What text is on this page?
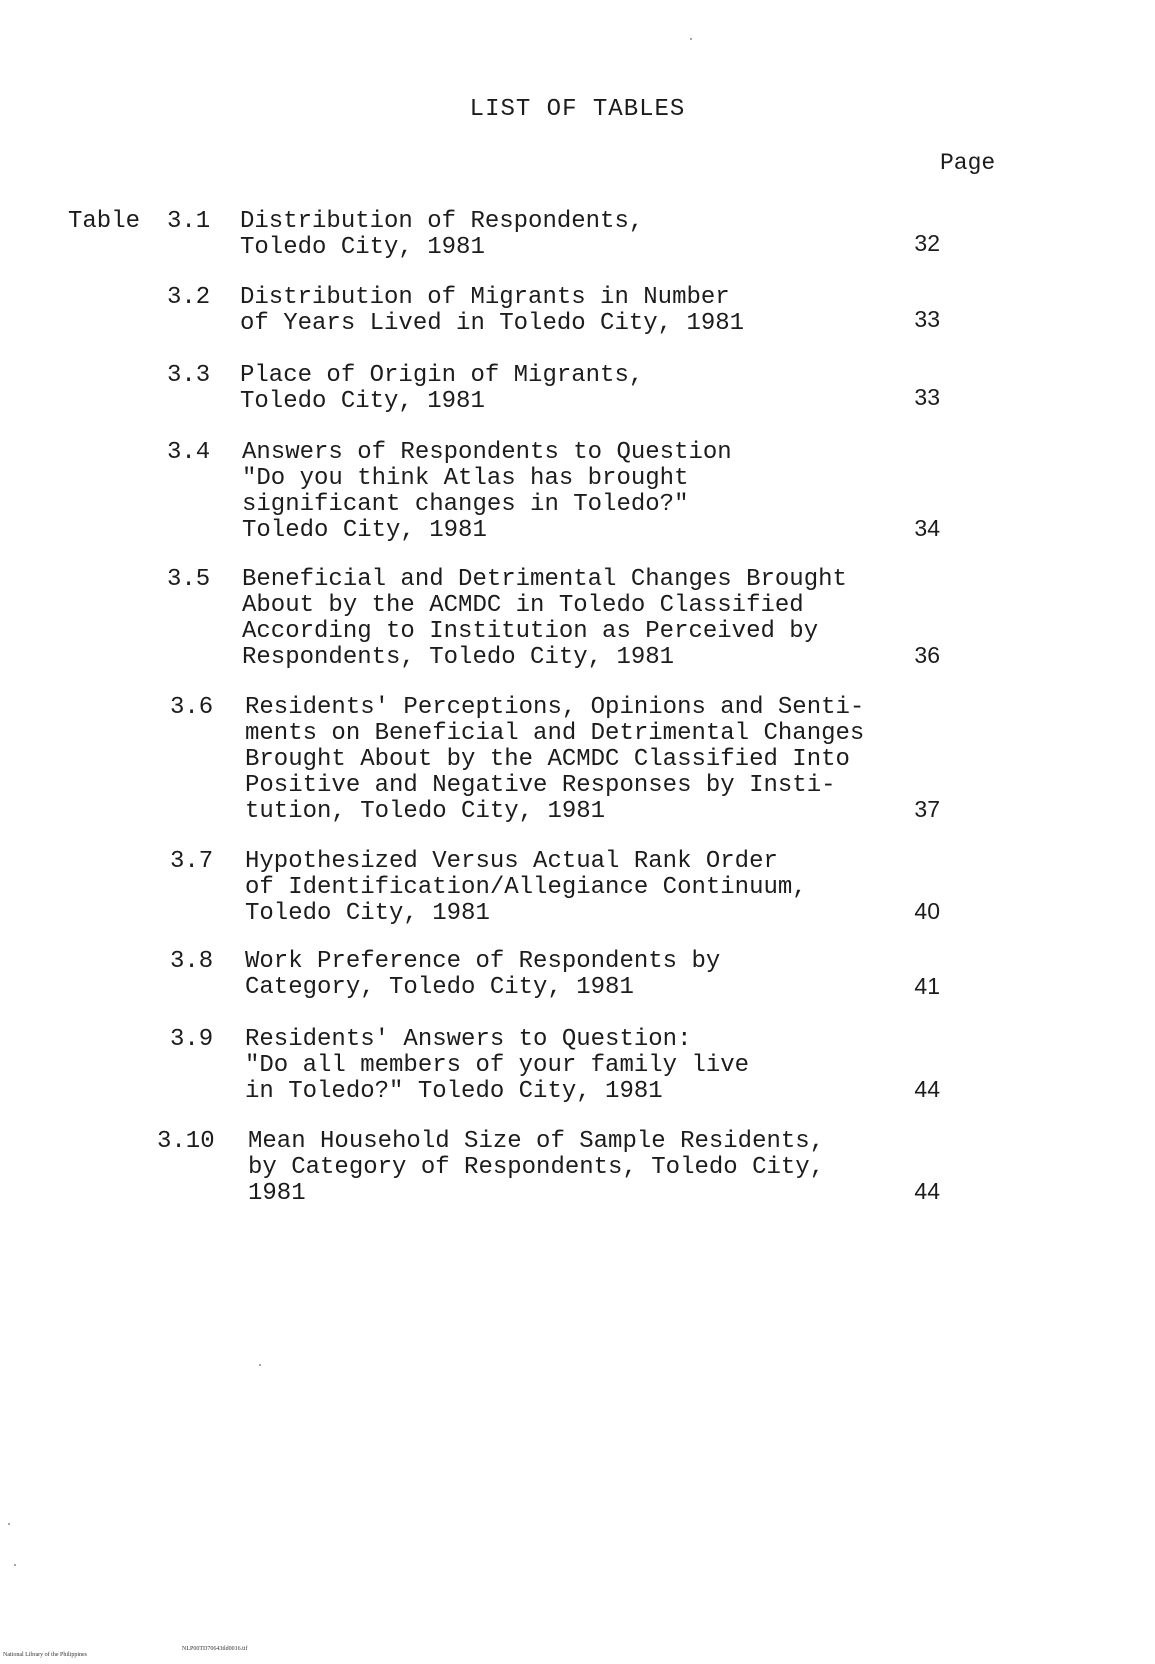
LIST OF TABLES
Page
Table 3.1 Distribution of Respondents,
Toledo City, 1981	32
3.2 Distribution of Migrants in Number
of Years Lived in Toledo City, 1981	33
3.3 Place of Origin of Migrants,
Toledo City, 1981	33
3.4 Answers of Respondents to Question
"Do you think Atlas has brought
significant changes in Toledo?"
Toledo City, 1981	34
3.5 Beneficial and Detrimental Changes Brought
About by the ACMDC in Toledo Classified
According to Institution as Perceived by
Respondents, Toledo City, 1981	36
3.6 Residents' Perceptions, Opinions and Senti-
ments on Beneficial and Detrimental Changes
Brought About by the ACMDC Classified Into
Positive and Negative Responses by Insti-
tution, Toledo City, 1981	37
3.7 Hypothesized Versus Actual Rank Order
of Identification/Allegiance Continuum,
Toledo City, 1981	40
3.8 Work Preference of Respondents by
Category, Toledo City, 1981	41
3.9 Residents' Answers to Question:
"Do all members of your family live
in Toledo?" Toledo City, 1981	44
3.10 Mean Household Size of Sample Residents,
by Category of Respondents, Toledo City,
1981	44

National Library of the Philippines

NLP00TD70643tld0016.tif
